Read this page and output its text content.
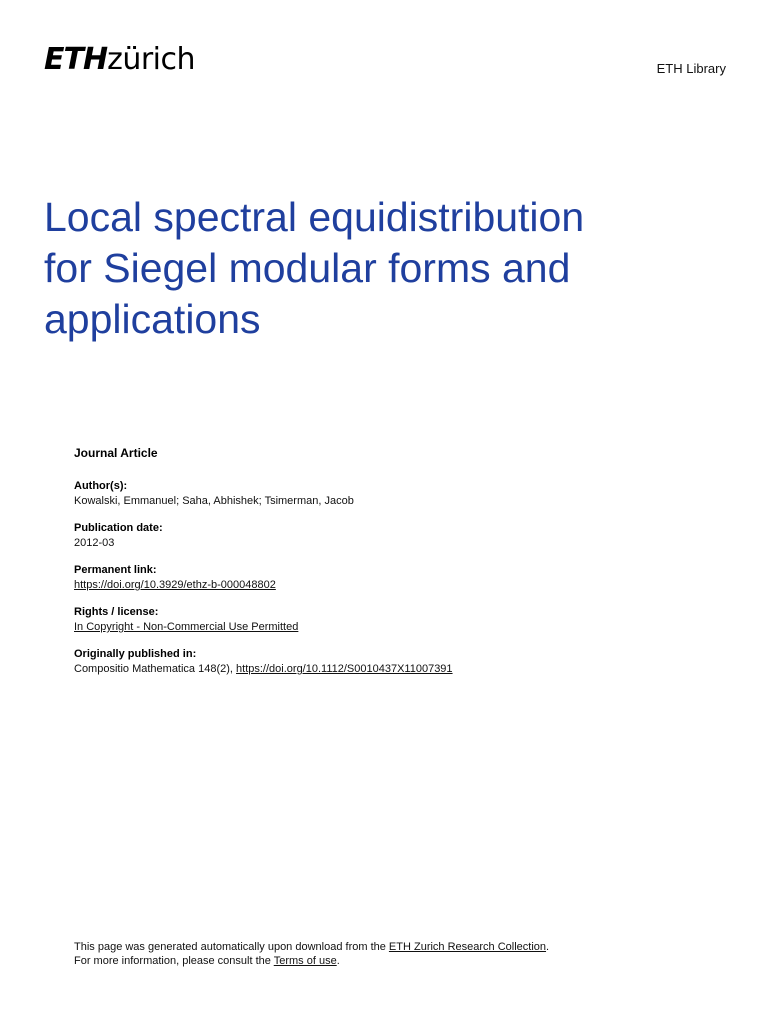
ETHzürich	ETH Library
Local spectral equidistribution
for Siegel modular forms and
applications

Journal Article

Author(s):
Kowalski, Emmanuel; Saha, Abhishek; Tsimerman, Jacob
Publication date:
2012-03
Permanent link:
https://doi.org/10.3929/ethz-b-000048802
Rights / license:
In Copyright - Non-Commercial Use Permitted
Originally published in:
Compositio Mathematica 148(2), https://doi.org/10.1112/S0010437X11007391

This page was generated automatically upon download from the ETH Zurich Research Collection.

For more information, please consult the Terms of use.
